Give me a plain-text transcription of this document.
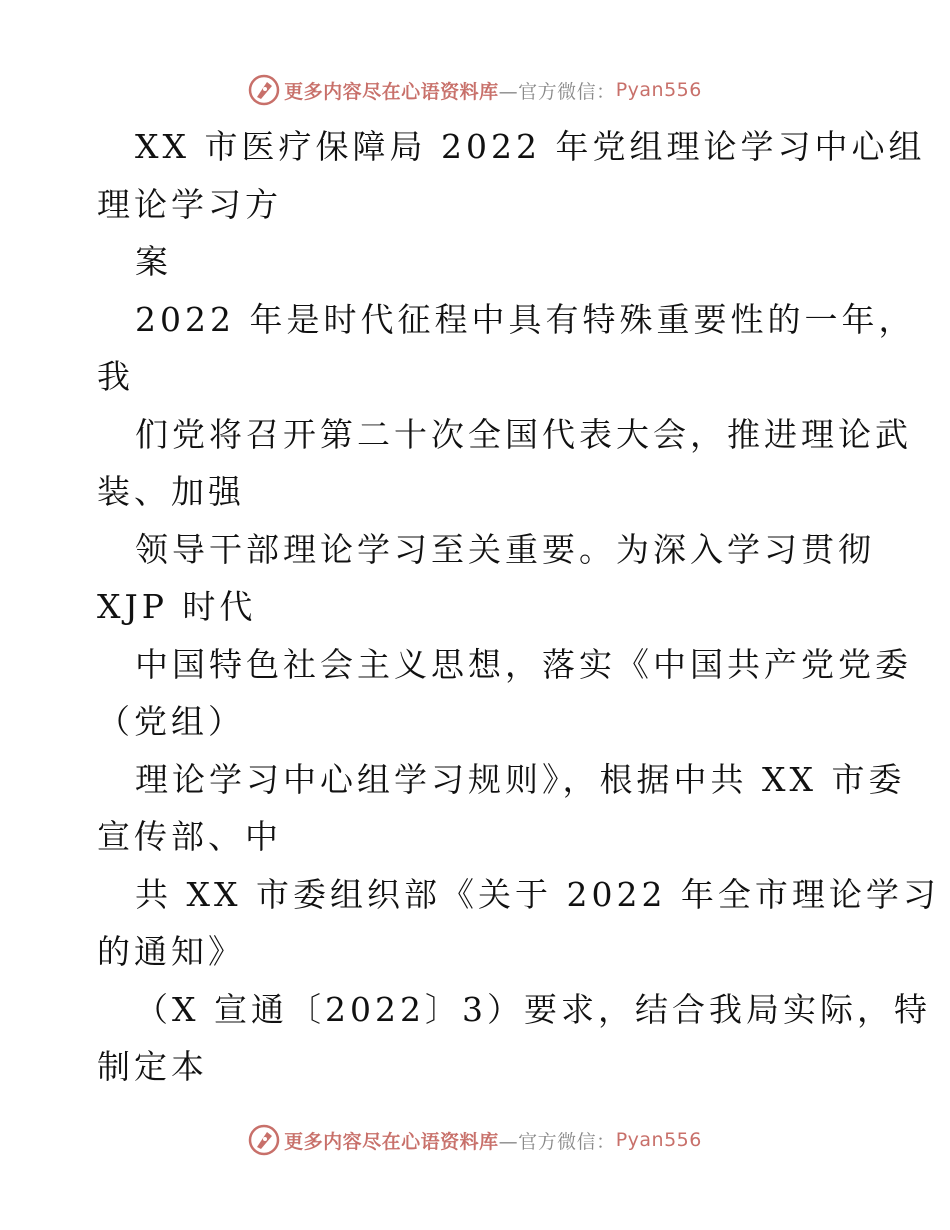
更多内容尽在心语资料库 —官方微信： Pyan556
XX 市医疗保障局 2022 年党组理论学习中心组
理论学习方
案
2022 年是时代征程中具有特殊重要性的一年，
我
们党将召开第二十次全国代表大会，推进理论武
装、加强
领导干部理论学习至关重要。为深入学习贯彻
XJP 时代
中国特色社会主义思想，落实《中国共产党党委
（党组）
理论学习中心组学习规则》，根据中共 XX 市委
宣传部、中
共 XX 市委组织部《关于 2022 年全市理论学习
的通知》
（X 宣通〔2022〕3）要求，结合我局实际，特
制定本
更多内容尽在心语资料库 —官方微信： Pyan556
